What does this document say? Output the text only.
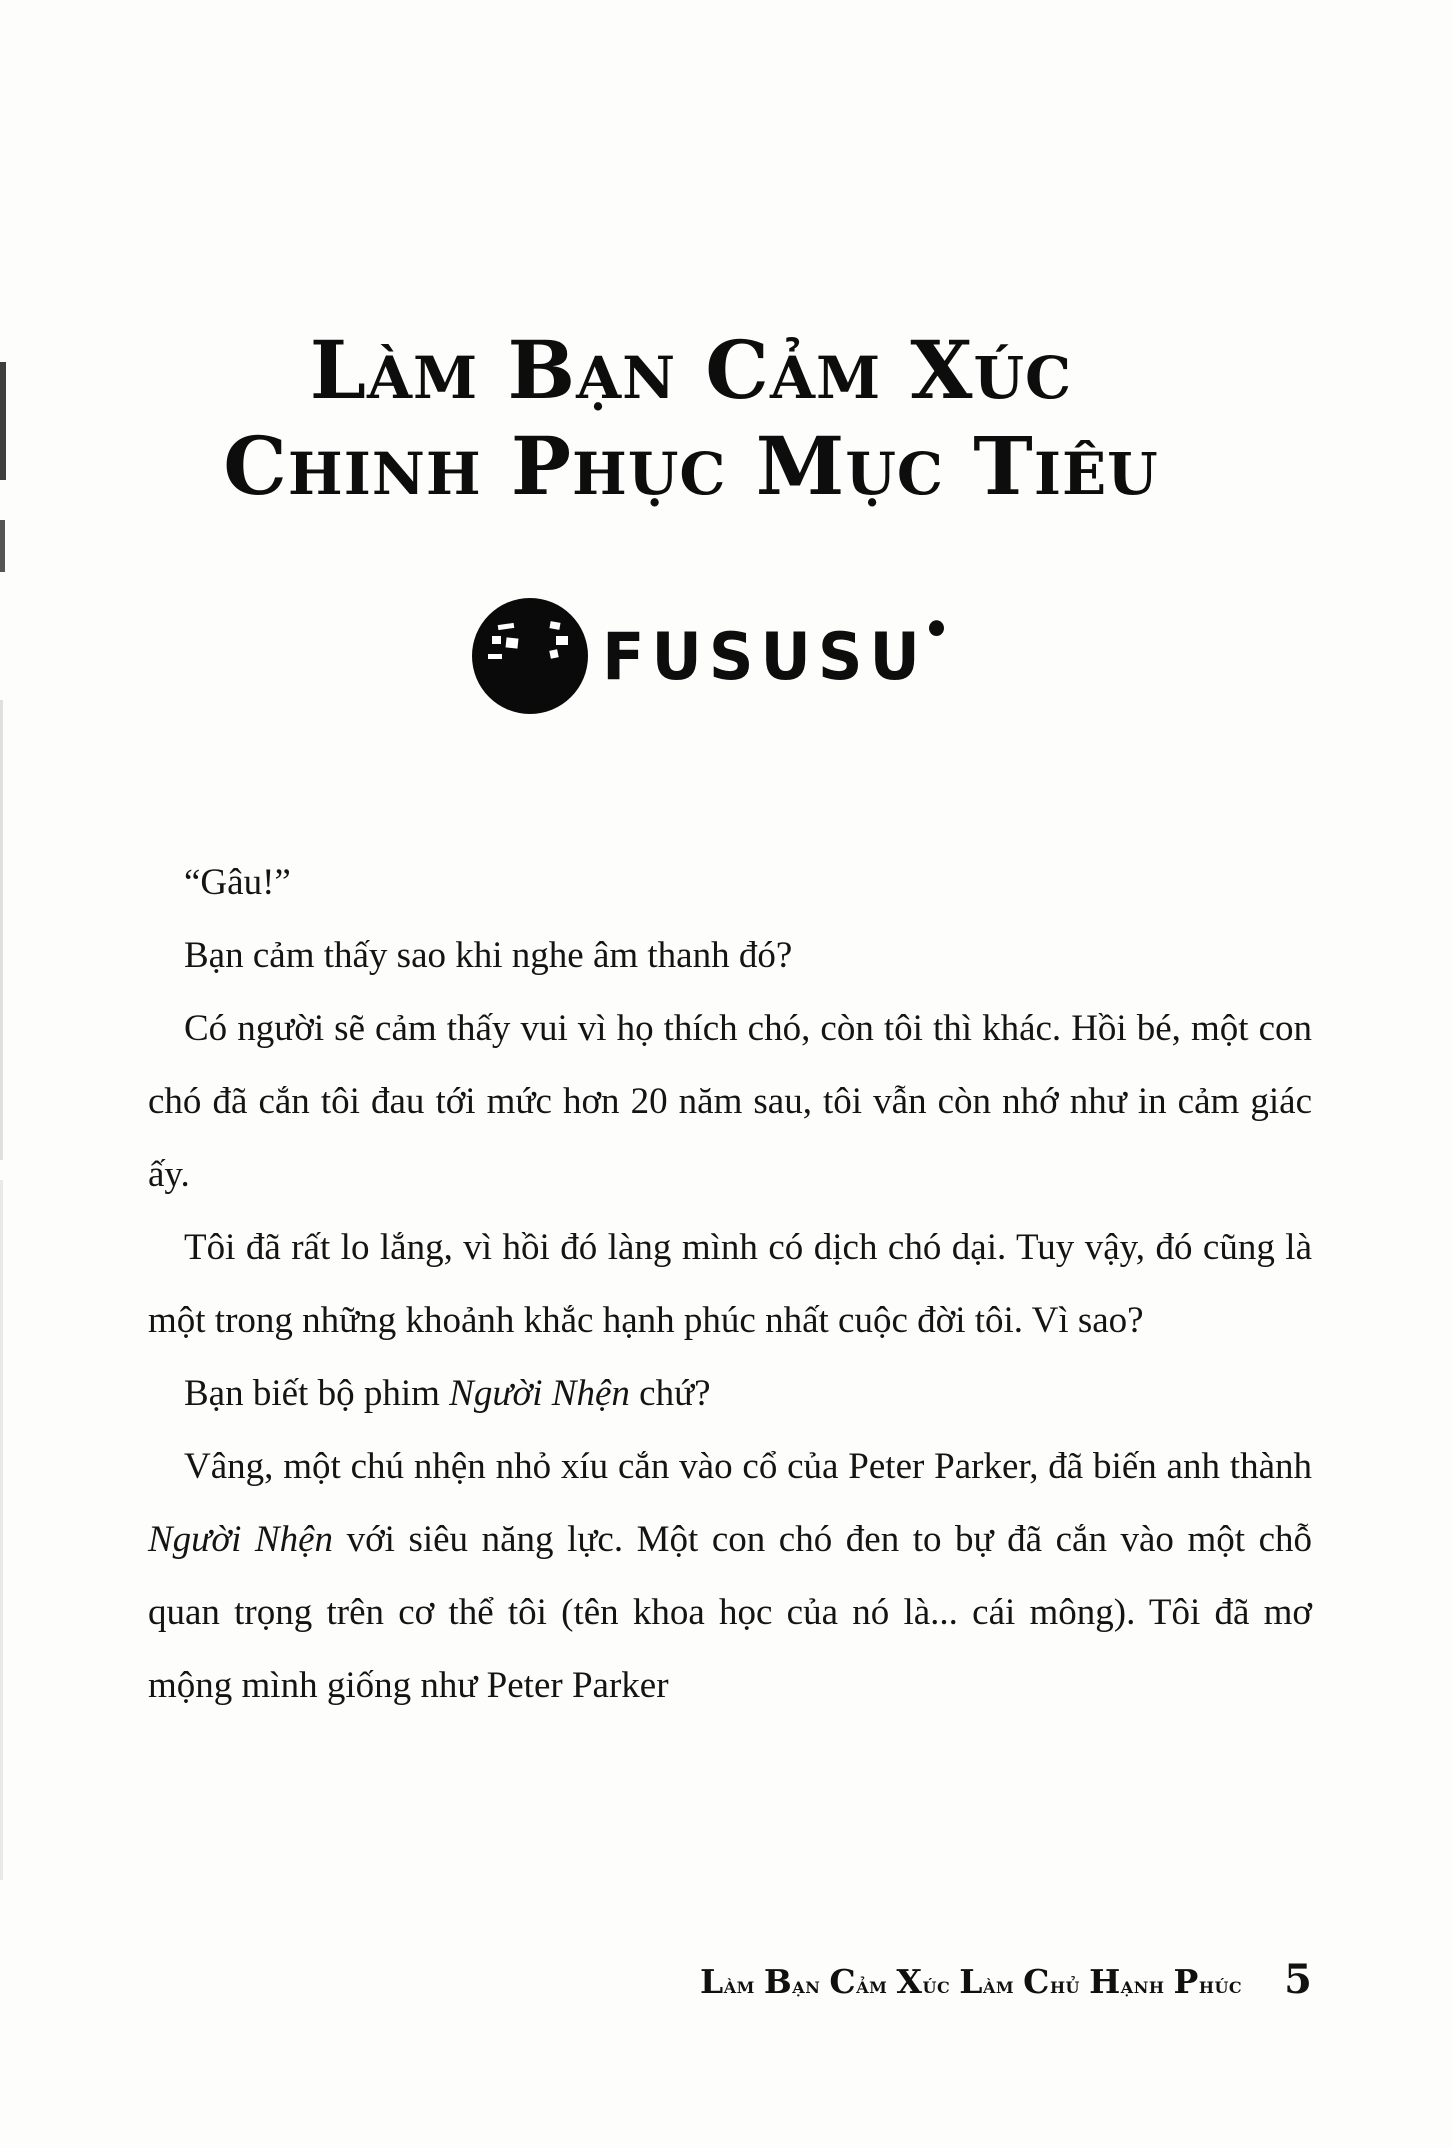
LÀM BẠN CẢM XÚC
CHINH PHỤC MỤC TIÊU
FUSUSU

“Gâu!”

Bạn cảm thấy sao khi nghe âm thanh đó?

Có người sẽ cảm thấy vui vì họ thích chó, còn tôi thì khác. Hồi bé, một con chó đã cắn tôi đau tới mức hơn 20 năm sau, tôi vẫn còn nhớ như in cảm giác ấy.

Tôi đã rất lo lắng, vì hồi đó làng mình có dịch chó dại. Tuy vậy, đó cũng là một trong những khoảnh khắc hạnh phúc nhất cuộc đời tôi. Vì sao?

Bạn biết bộ phim Người Nhện chứ?

Vâng, một chú nhện nhỏ xíu cắn vào cổ của Peter Parker, đã biến anh thành Người Nhện với siêu năng lực. Một con chó đen to bự đã cắn vào một chỗ quan trọng trên cơ thể tôi (tên khoa học của nó là... cái mông). Tôi đã mơ mộng mình giống như Peter Parker

LÀM BẠN CẢM XÚC LÀM CHỦ HẠNH PHÚC 5
